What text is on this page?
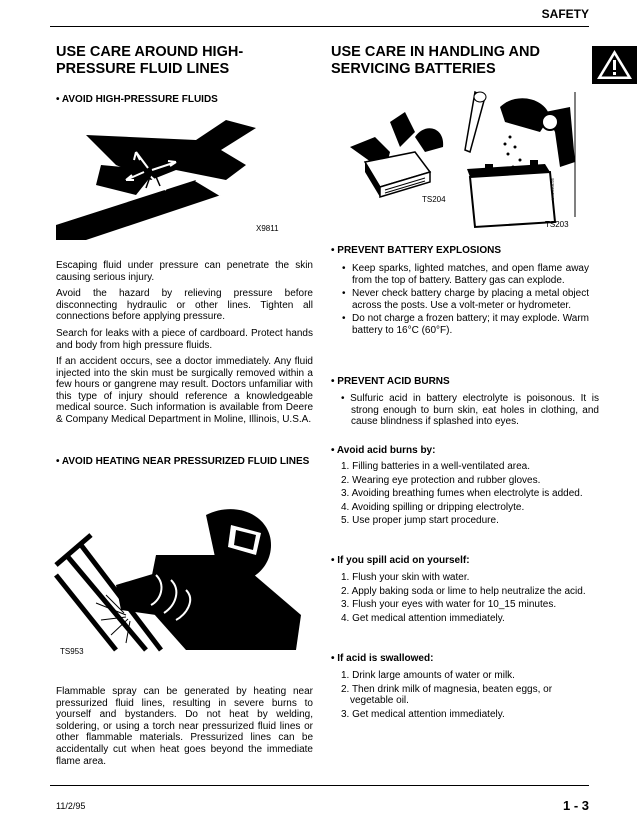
SAFETY
USE CARE AROUND HIGH-
PRESSURE FLUID LINES
• AVOID HIGH-PRESSURE FLUIDS
X9811

Escaping fluid under pressure can penetrate the skin causing serious injury.

Avoid the hazard by relieving pressure before disconnecting hydraulic or other lines. Tighten all connections before applying pressure.

Search for leaks with a piece of cardboard. Protect hands and body from high pressure fluids.

If an accident occurs, see a doctor immediately. Any fluid injected into the skin must be surgically removed within a few hours or gangrene may result. Doctors unfamiliar with this type of injury should reference a knowledgeable medical source. Such information is available from Deere & Company Medical Department in Moline, Illinois, U.S.A.

• AVOID HEATING NEAR PRESSURIZED FLUID LINES
TS953

Flammable spray can be generated by heating near pressurized fluid lines, resulting in severe burns to yourself and bystanders. Do not heat by welding, soldering, or using a torch near pressurized fluid lines or other flammable materials. Pressurized lines can be accidentally cut when heat goes beyond the immediate flame area.

USE CARE IN HANDLING AND
SERVICING BATTERIES
TS204
TS203
UN25JUL95
• PREVENT BATTERY EXPLOSIONS
• Keep sparks, lighted matches, and open flame away from the top of battery. Battery gas can explode.
• Never check battery charge by placing a metal object across the posts. Use a volt-meter or hydrometer.
• Do not charge a frozen battery; it may explode. Warm battery to 16°C (60°F).
• PREVENT ACID BURNS

• Sulfuric acid in battery electrolyte is poisonous. It is strong enough to burn skin, eat holes in clothing, and cause blindness if splashed into eyes.

• Avoid acid burns by:
1. Filling batteries in a well-ventilated area.
2. Wearing eye protection and rubber gloves.
3. Avoiding breathing fumes when electrolyte is added.
4. Avoiding spilling or dripping electrolyte.
5. Use proper jump start procedure.
• If you spill acid on yourself:
1. Flush your skin with water.
2. Apply baking soda or lime to help neutralize the acid.
3. Flush your eyes with water for 10_15 minutes.
4. Get medical attention immediately.
• If acid is swallowed:
1. Drink large amounts of water or milk.
2. Then drink milk of magnesia, beaten eggs, or vegetable oil.
3. Get medical attention immediately.
11/2/95	1 - 3
